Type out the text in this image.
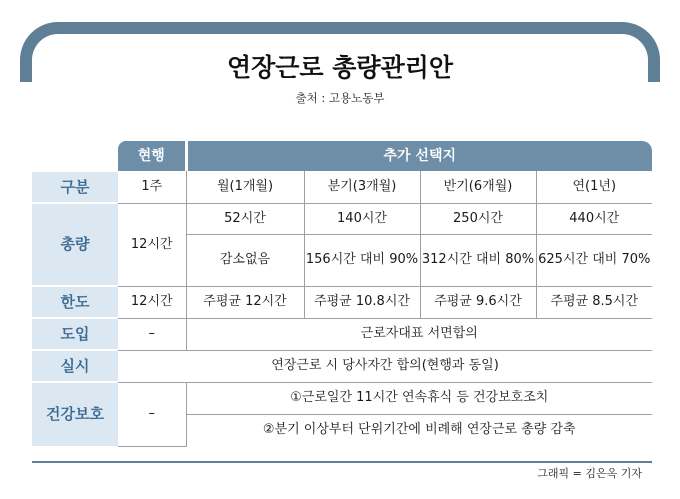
연장근로 총량관리안
출처 : 고용노동부
	현행	추가 선택지			
구분	1주	월(1개월)	분기(3개월)	반기(6개월)	연(1년)
총량	12시간	52시간	140시간	250시간	440시간
		감소없음	156시간 대비 90%	312시간 대비 80%	625시간 대비 70%
한도	12시간	주평균 12시간	주평균 10.8시간	주평균 9.6시간	주평균 8.5시간
도입	–	근로자대표 서면합의			
실시	연장근로 시 당사자간 합의(현행과 동일)				
건강보호	–	①근로일간 11시간 연속휴식 등 건강보호조치			
		②분기 이상부터 단위기간에 비례해 연장근로 총량 감축			
그래픽 = 김은옥 기자
